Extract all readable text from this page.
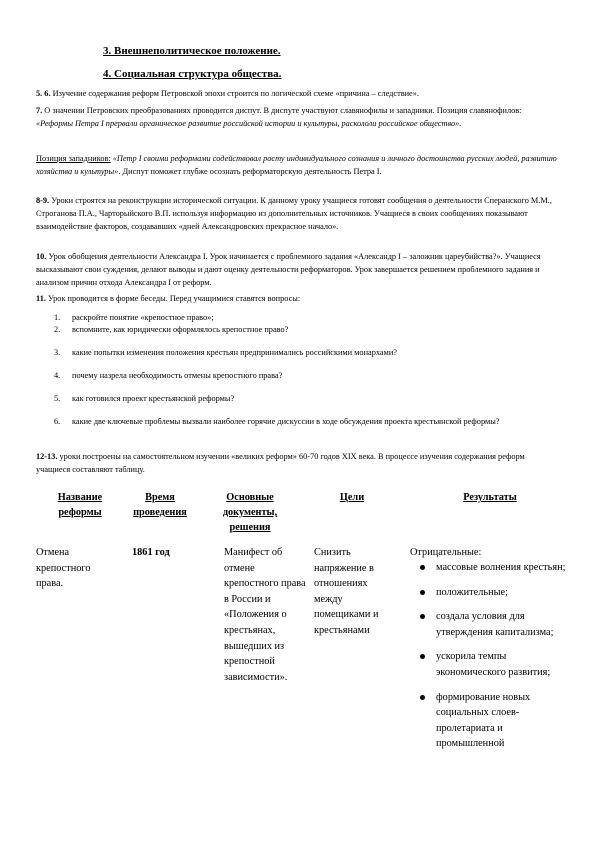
3. Внешнеполитическое положение.
4. Социальная структура общества.
5. 6. Изучение содержания реформ Петровской эпохи строится по логической схеме «причина – следствие».
7. О значении Петровских преобразованиях проводится диспут. В диспуте участвуют славянофилы и западники. Позиция славянофилов: «Реформы Петра I прервали органическое развитие российской истории и культуры, раскололи российское общество».
Позиция западников: «Петр I своими реформами содействовал росту индивидуального сознания и личного достоинства русских людей, развитию хозяйства и культуры». Диспут поможет глубже осознать реформаторскую деятельность Петра I.
8-9. Уроки строятся на реконструкции исторической ситуации. К данному уроку учащиеся готовят сообщения о деятельности Сперанского М.М., Строганова П.А., Чарторыйского В.П. используя информацию из дополнительных источников. Учащиеся в своих сообщениях показывают взаимодействие факторов, создававших «дней Александровских прекрасное начало».
10. Урок обобщения деятельности Александра I. Урок начинается с проблемного задания «Александр I – заложник цареубийства?». Учащиеся высказывают свои суждения, делают выводы и дают оценку деятельности реформаторов. Урок завершается решением проблемного задания и анализом причин отхода Александра I от реформ.
11. Урок проводится в форме беседы. Перед учащимися ставятся вопросы:
1. раскройте понятие «крепостное право»;
2. вспомните, как юридически оформлялось крепостное право?
3. какие попытки изменения положения крестьян предпринимались российскими монархами?
4. почему назрела необходимость отмены крепостного права?
5. как готовился проект крестьянской реформы?
6. какие две ключевые проблемы вызвали наиболее горячие дискуссии в ходе обсуждения проекта крестьянской реформы?
12-13. уроки построены на самостоятельном изучении «великих реформ» 60-70 годов XIX века. В процессе изучения содержания реформ учащиеся составляют таблицу.
Название реформы
Время проведения
Основные документы, решения
Цели	Результаты
Отмена крепостного права.
1861 год	Манифест об отмене крепостного права в России и «Положения о крестьянах, вышедших из крепостной зависимости».
Снизить напряжение в отношениях между помещиками и крестьянами
Отрицательные:
массовые волнения крестьян;
положительные;
создала условия для утверждения капитализма;
ускорила темпы экономического развития;
формирование новых социальных слоев- пролетариата и промышленной
